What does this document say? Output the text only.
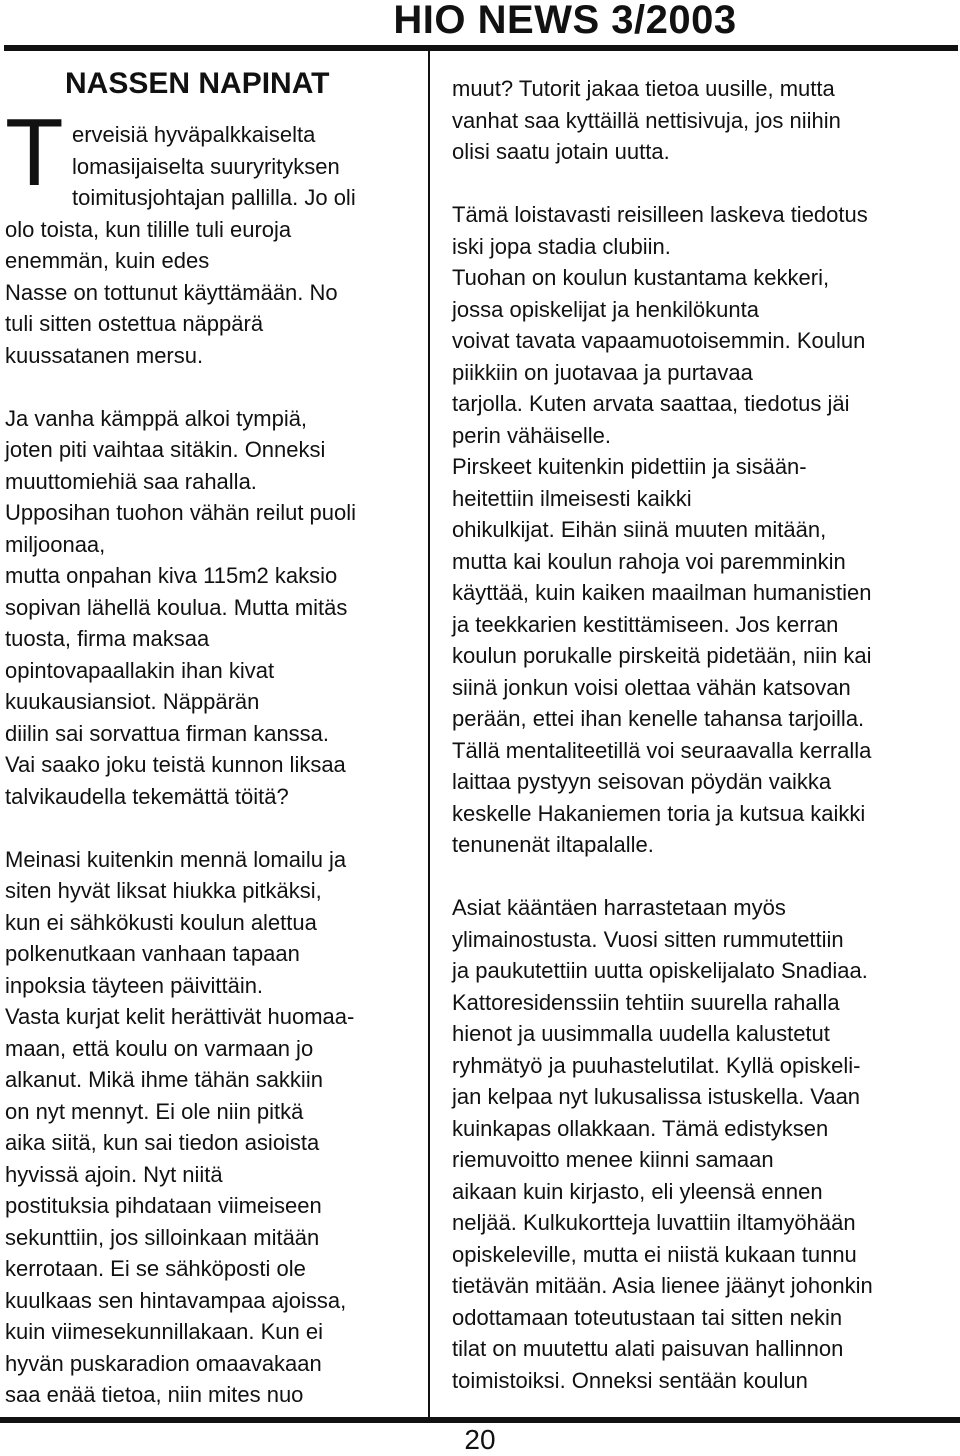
HIO NEWS 3/2003
NASSEN NAPINAT
T erveisiä hyväpalkkaiselta
lomasijaiselta suuryrityksen
toimitusjohtajan pallilla. Jo oli
olo toista, kun tilille tuli euroja
enemmän, kuin edes
Nasse on tottunut käyttämään. No
tuli sitten ostettua näppärä
kuussatanen mersu.
Ja vanha kämppä alkoi tympiä,
joten piti vaihtaa sitäkin. Onneksi
muuttomiehiä saa rahalla.
Upposihan tuohon vähän reilut puoli
miljoonaa,
mutta onpahan kiva 115m2 kaksio
sopivan lähellä koulua. Mutta mitäs
tuosta, firma maksaa
opintovapaallakin ihan kivat
kuukausiansiot. Näppärän
diilin sai sorvattua firman kanssa.
Vai saako joku teistä kunnon liksaa
talvikaudella tekemättä töitä?
Meinasi kuitenkin mennä lomailu ja
siten hyvät liksat hiukka pitkäksi,
kun ei sähkökusti koulun alettua
polkenutkaan vanhaan tapaan
inpoksia täyteen päivittäin.
Vasta kurjat kelit herättivät huomaa-
maan, että koulu on varmaan jo
alkanut. Mikä ihme tähän sakkiin
on nyt mennyt. Ei ole niin pitkä
aika siitä, kun sai tiedon asioista
hyvissä ajoin. Nyt niitä
postituksia pihdataan viimeiseen
sekunttiin, jos silloinkaan mitään
kerrotaan. Ei se sähköposti ole
kuulkaas sen hintavampaa ajoissa,
kuin viimesekunnillakaan. Kun ei
hyvän puskaradion omaavakaan
saa enää tietoa, niin mites nuo
muut? Tutorit jakaa tietoa uusille, mutta
vanhat saa kyttäillä nettisivuja, jos niihin
olisi saatu jotain uutta.
Tämä loistavasti reisilleen laskeva tiedotus
iski jopa stadia clubiin.
Tuohan on koulun kustantama kekkeri,
jossa opiskelijat ja henkilökunta
voivat tavata vapaamuotoisemmin. Koulun
piikkiin on juotavaa ja purtavaa
tarjolla. Kuten arvata saattaa, tiedotus jäi
perin vähäiselle.
Pirskeet kuitenkin pidettiin ja sisään-
heitettiin ilmeisesti kaikki
ohikulkijat. Eihän siinä muuten mitään,
mutta kai koulun rahoja voi paremminkin
käyttää, kuin kaiken maailman humanistien
ja teekkarien kestittämiseen. Jos kerran
koulun porukalle pirskeitä pidetään, niin kai
siinä jonkun voisi olettaa vähän katsovan
perään, ettei ihan kenelle tahansa tarjoilla.
Tällä mentaliteetillä voi seuraavalla kerralla
laittaa pystyyn seisovan pöydän vaikka
keskelle Hakaniemen toria ja kutsua kaikki
tenunenät iltapalalle.
Asiat kääntäen harrastetaan myös
ylimainostusta. Vuosi sitten rummutettiin
ja paukutettiin uutta opiskelijalato Snadiaa.
Kattoresidenssiin tehtiin suurella rahalla
hienot ja uusimmalla uudella kalustetut
ryhmätyö ja puuhastelutilat. Kyllä opiskeli-
jan kelpaa nyt lukusalissa istuskella. Vaan
kuinkapas ollakkaan. Tämä edistyksen
riemuvoitto menee kiinni samaan
aikaan kuin kirjasto, eli yleensä ennen
neljää. Kulkukortteja luvattiin iltamyöhään
opiskeleville, mutta ei niistä kukaan tunnu
tietävän mitään. Asia lienee jäänyt johonkin
odottamaan toteutustaan tai sitten nekin
tilat on muutettu alati paisuvan hallinnon
toimistoiksi. Onneksi sentään koulun
20
